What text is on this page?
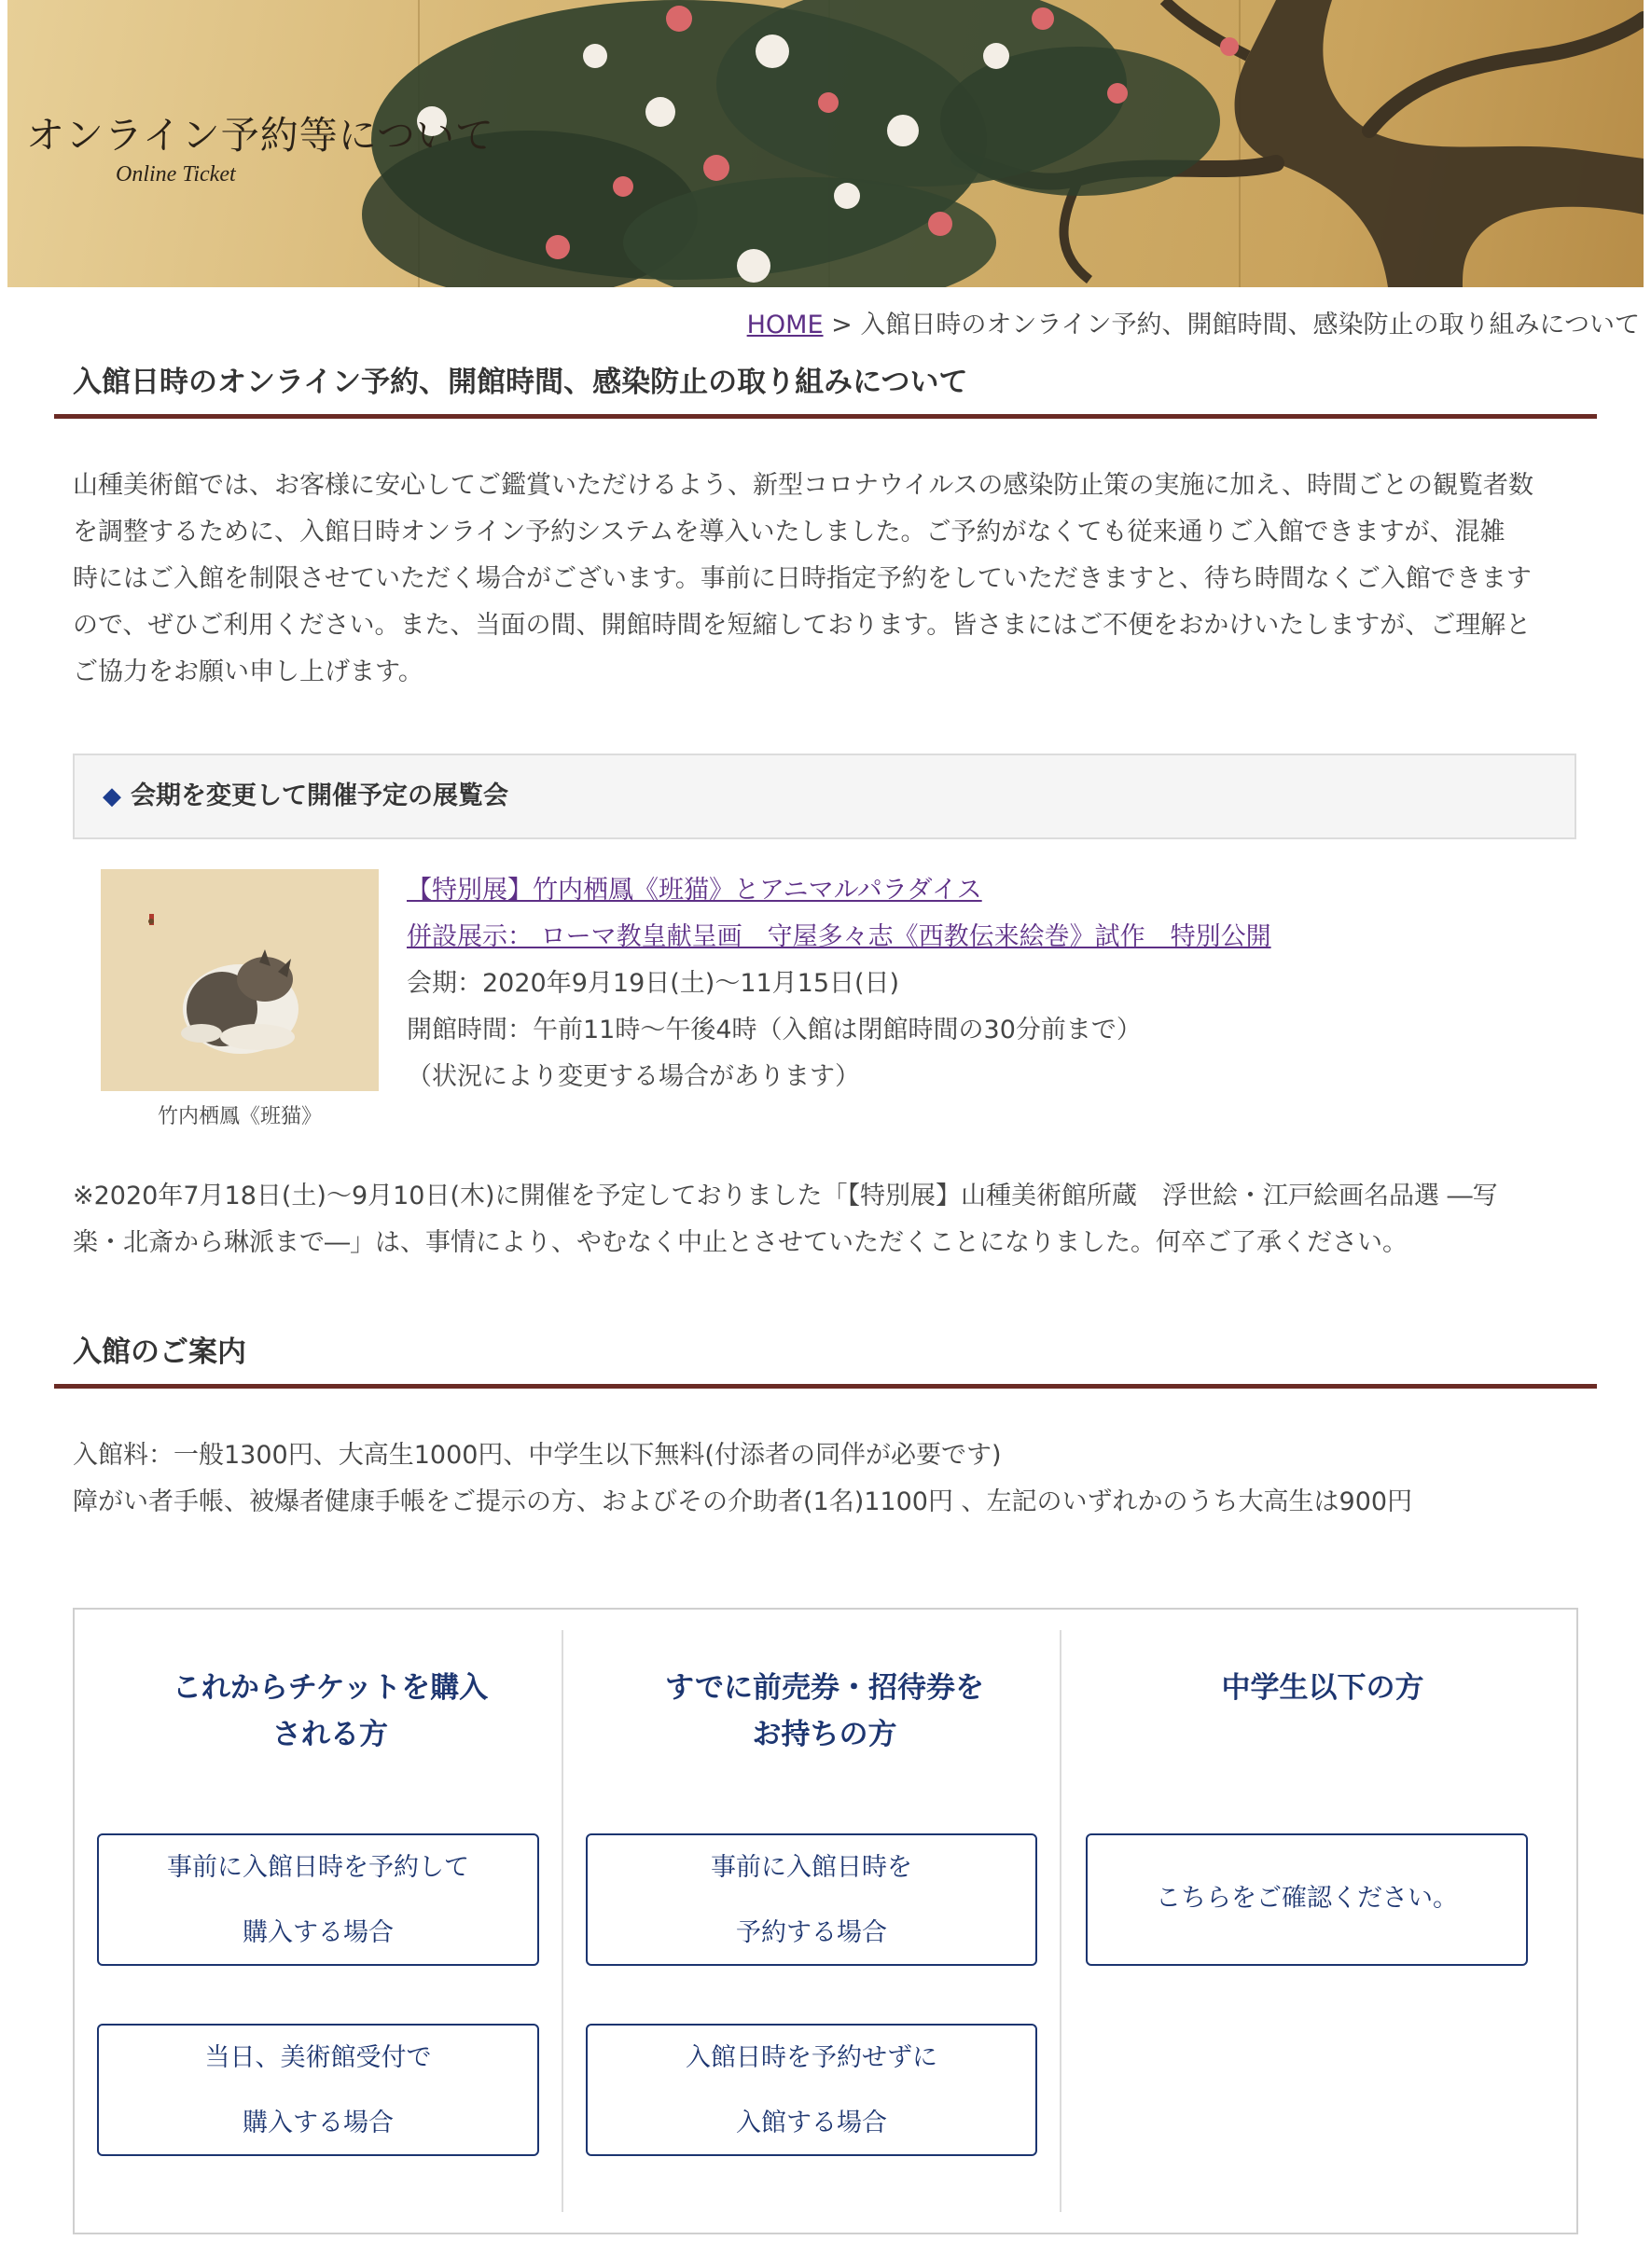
オンライン予約等について
Online Ticket
HOME > 入館日時のオンライン予約、開館時間、感染防止の取り組みについて
入館日時のオンライン予約、開館時間、感染防止の取り組みについて
山種美術館では、お客様に安心してご鑑賞いただけるよう、新型コロナウイルスの感染防止策の実施に加え、時間ごとの観覧者数
を調整するために、入館日時オンライン予約システムを導入いたしました。ご予約がなくても従来通りご入館できますが、混雑
時にはご入館を制限させていただく場合がございます。事前に日時指定予約をしていただきますと、待ち時間なくご入館できます
ので、ぜひご利用ください。また、当面の間、開館時間を短縮しております。皆さまにはご不便をおかけいたしますが、ご理解と
ご協力をお願い申し上げます。
◆ 会期を変更して開催予定の展覧会
竹内栖鳳《班猫》
【特別展】竹内栖鳳《班猫》とアニマルパラダイス
併設展示： ローマ教皇献呈画　守屋多々志《西教伝来絵巻》試作　特別公開
会期：2020年9月19日(土)〜11月15日(日)
開館時間：午前11時〜午後4時（入館は閉館時間の30分前まで）
（状況により変更する場合があります）
※2020年7月18日(土)〜9月10日(木)に開催を予定しておりました「【特別展】山種美術館所蔵　浮世絵・江戸絵画名品選 ―写
楽・北斎から琳派まで―」は、事情により、やむなく中止とさせていただくことになりました。何卒ご了承ください。
入館のご案内
入館料：一般1300円、大高生1000円、中学生以下無料(付添者の同伴が必要です)
障がい者手帳、被爆者健康手帳をご提示の方、およびその介助者(1名)1100円 、左記のいずれかのうち大高生は900円
これからチケットを購入
される方
事前に入館日時を予約して
購入する場合
当日、美術館受付で
購入する場合
すでに前売券・招待券を
お持ちの方
事前に入館日時を
予約する場合
入館日時を予約せずに
入館する場合
中学生以下の方
こちらをご確認ください。
